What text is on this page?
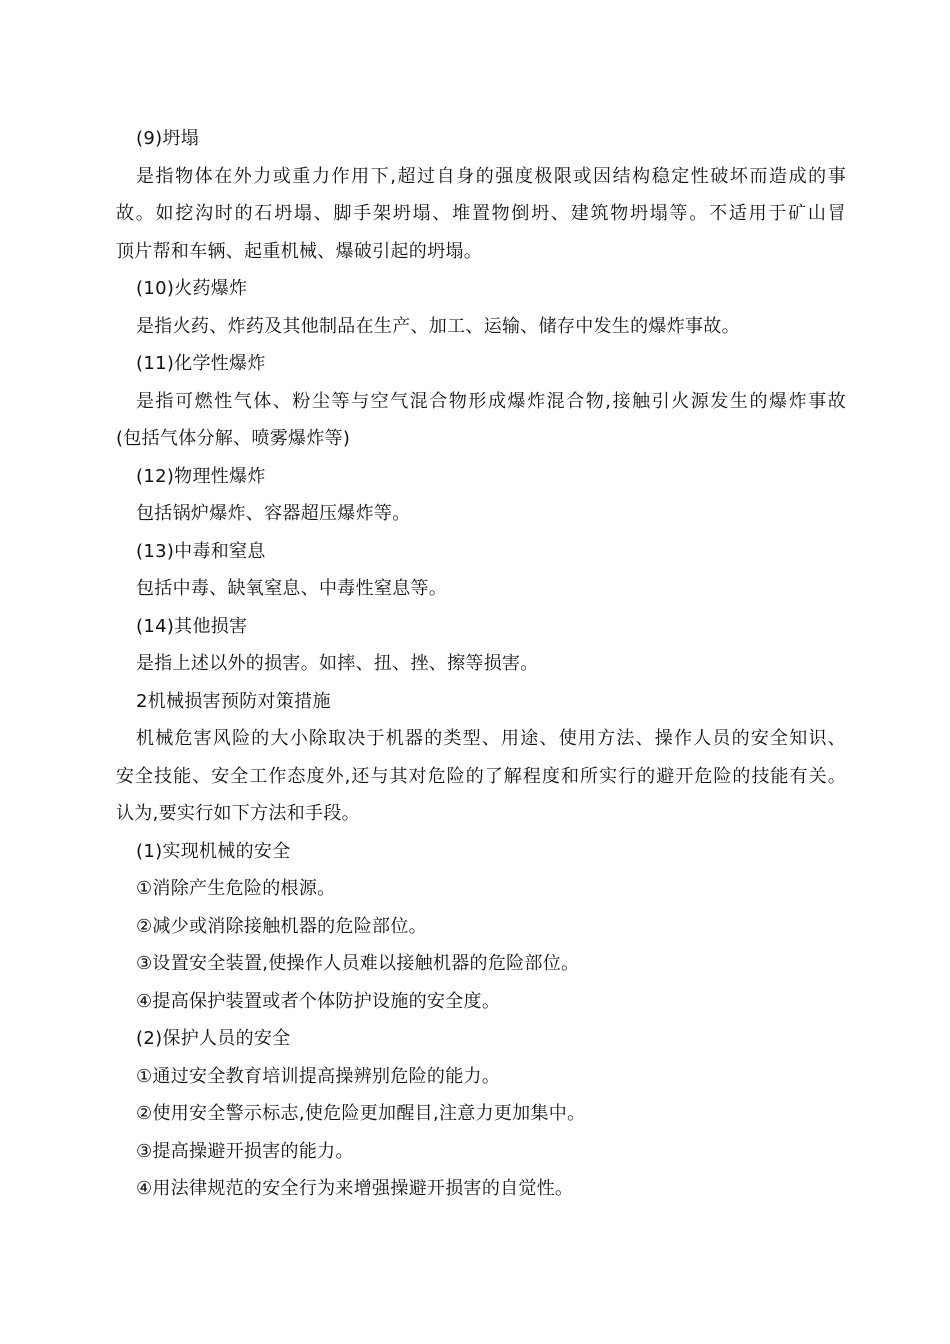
(9)坍塌
是指物体在外力或重力作用下,超过自身的强度极限或因结构稳定性破坏而造成的事
故。如挖沟时的石坍塌、脚手架坍塌、堆置物倒坍、建筑物坍塌等。不适用于矿山冒
顶片帮和车辆、起重机械、爆破引起的坍塌。
(10)火药爆炸
是指火药、炸药及其他制品在生产、加工、运输、储存中发生的爆炸事故。
(11)化学性爆炸
是指可燃性气体、粉尘等与空气混合物形成爆炸混合物,接触引火源发生的爆炸事故
(包括气体分解、喷雾爆炸等)
(12)物理性爆炸
包括锅炉爆炸、容器超压爆炸等。
(13)中毒和窒息
包括中毒、缺氧窒息、中毒性窒息等。
(14)其他损害
是指上述以外的损害。如摔、扭、挫、擦等损害。
2机械损害预防对策措施
机械危害风险的大小除取决于机器的类型、用途、使用方法、操作人员的安全知识、
安全技能、安全工作态度外,还与其对危险的了解程度和所实行的避开危险的技能有关。
认为,要实行如下方法和手段。
(1)实现机械的安全
①消除产生危险的根源。
②减少或消除接触机器的危险部位。
③设置安全装置,使操作人员难以接触机器的危险部位。
④提高保护装置或者个体防护设施的安全度。
(2)保护人员的安全
①通过安全教育培训提高操辨别危险的能力。
②使用安全警示标志,使危险更加醒目,注意力更加集中。
③提高操避开损害的能力。
④用法律规范的安全行为来增强操避开损害的自觉性。
